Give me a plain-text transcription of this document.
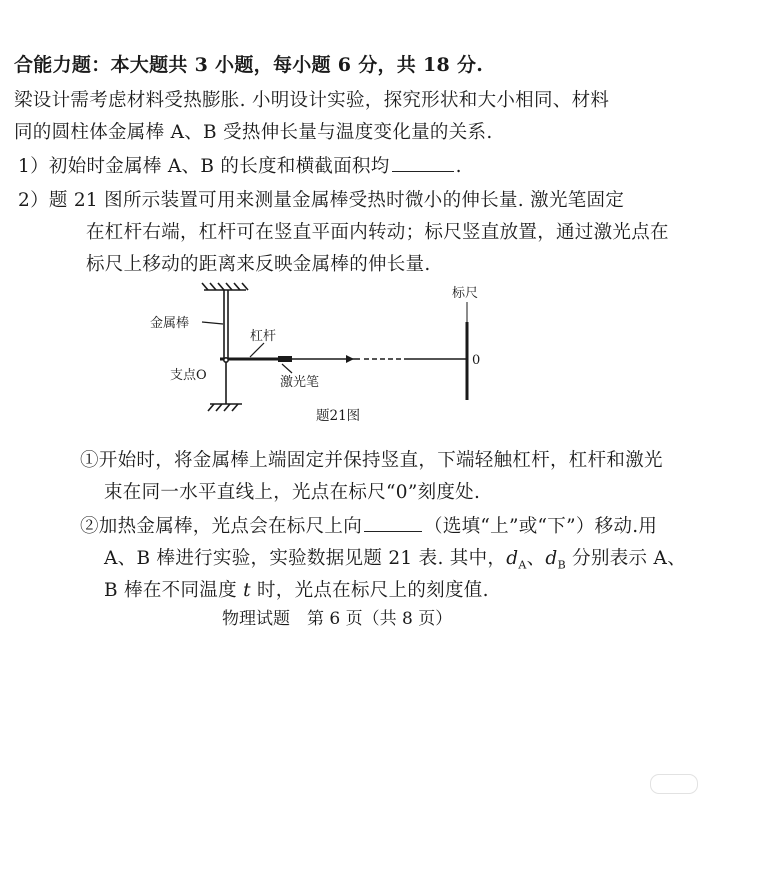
合能力题：本大题共 3 小题，每小题 6 分，共 18 分.
梁设计需考虑材料受热膨胀. 小明设计实验，探究形状和大小相同、材料
同的圆柱体金属棒 A、B 受热伸长量与温度变化量的关系.
1）初始时金属棒 A、B 的长度和横截面积均	.
2）题 21 图所示装置可用来测量金属棒受热时微小的伸长量. 激光笔固定
在杠杆右端，杠杆可在竖直平面内转动；标尺竖直放置，通过激光点在
标尺上移动的距离来反映金属棒的伸长量.
金属棒
杠杆
支点O	激光笔
标尺
0
题21图
①开始时，将金属棒上端固定并保持竖直，下端轻触杠杆，杠杆和激光
束在同一水平直线上，光点在标尺“0”刻度处.
②加热金属棒，光点会在标尺上向	（选填“上”或“下”）移动.用
A、B 棒进行实验，实验数据见题 21 表. 其中，$d_A$、$d_B$ 分别表示 A、
B 棒在不同温度 t 时，光点在标尺上的刻度值.
物理试题　第 6 页（共 8 页）
